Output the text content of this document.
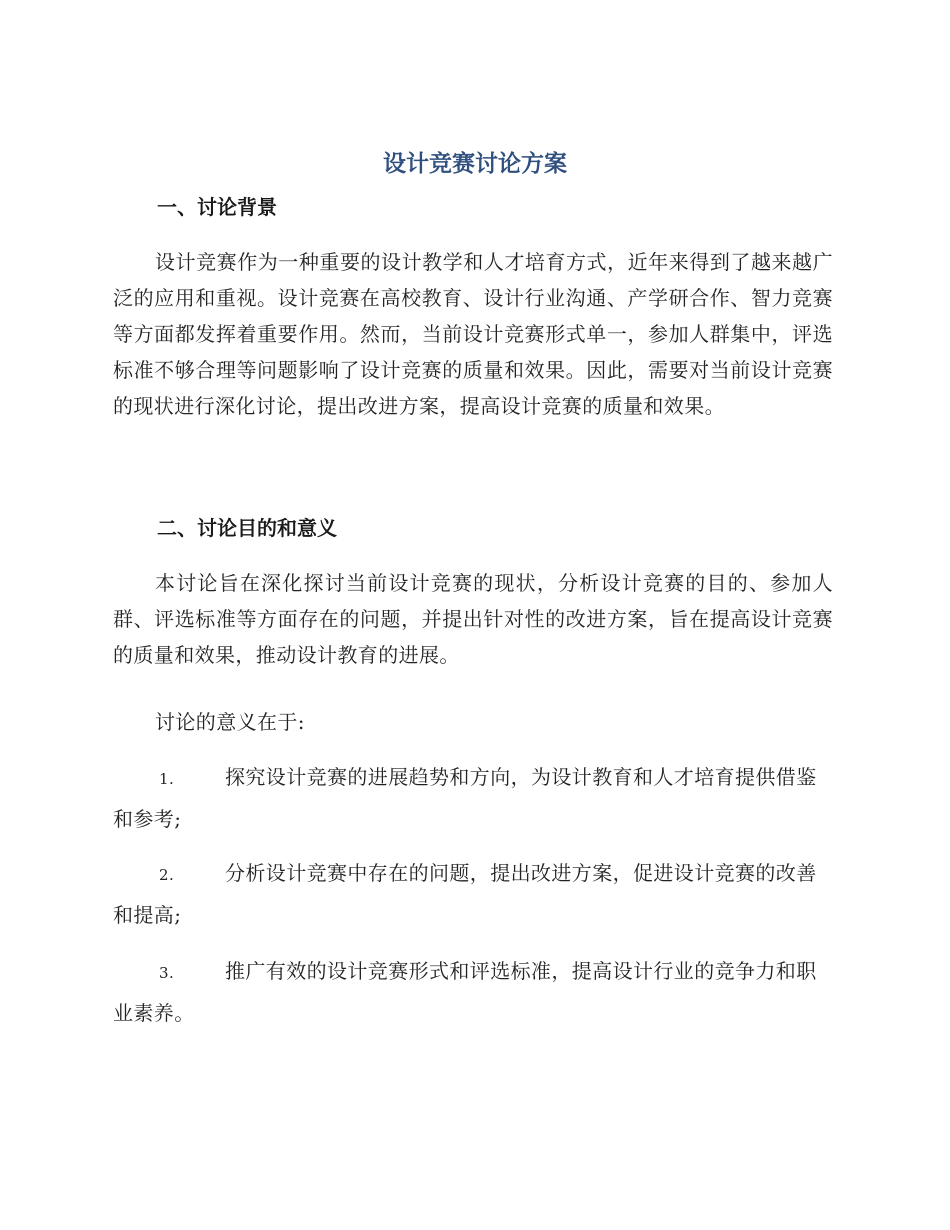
设计竞赛讨论方案
一、讨论背景

设计竞赛作为一种重要的设计教学和人才培育方式，近年来得到了越来越广泛的应用和重视。设计竞赛在高校教育、设计行业沟通、产学研合作、智力竞赛等方面都发挥着重要作用。然而，当前设计竞赛形式单一，参加人群集中，评选标准不够合理等问题影响了设计竞赛的质量和效果。因此，需要对当前设计竞赛的现状进行深化讨论，提出改进方案，提高设计竞赛的质量和效果。

二、讨论目的和意义

本讨论旨在深化探讨当前设计竞赛的现状，分析设计竞赛的目的、参加人群、评选标准等方面存在的问题，并提出针对性的改进方案，旨在提高设计竞赛的质量和效果，推动设计教育的进展。

讨论的意义在于:

1.	探究设计竞赛的进展趋势和方向，为设计教育和人才培育提供借鉴和参考;
2.	分析设计竞赛中存在的问题，提出改进方案，促进设计竞赛的改善和提高;
3.	推广有效的设计竞赛形式和评选标准，提高设计行业的竞争力和职业素养。
